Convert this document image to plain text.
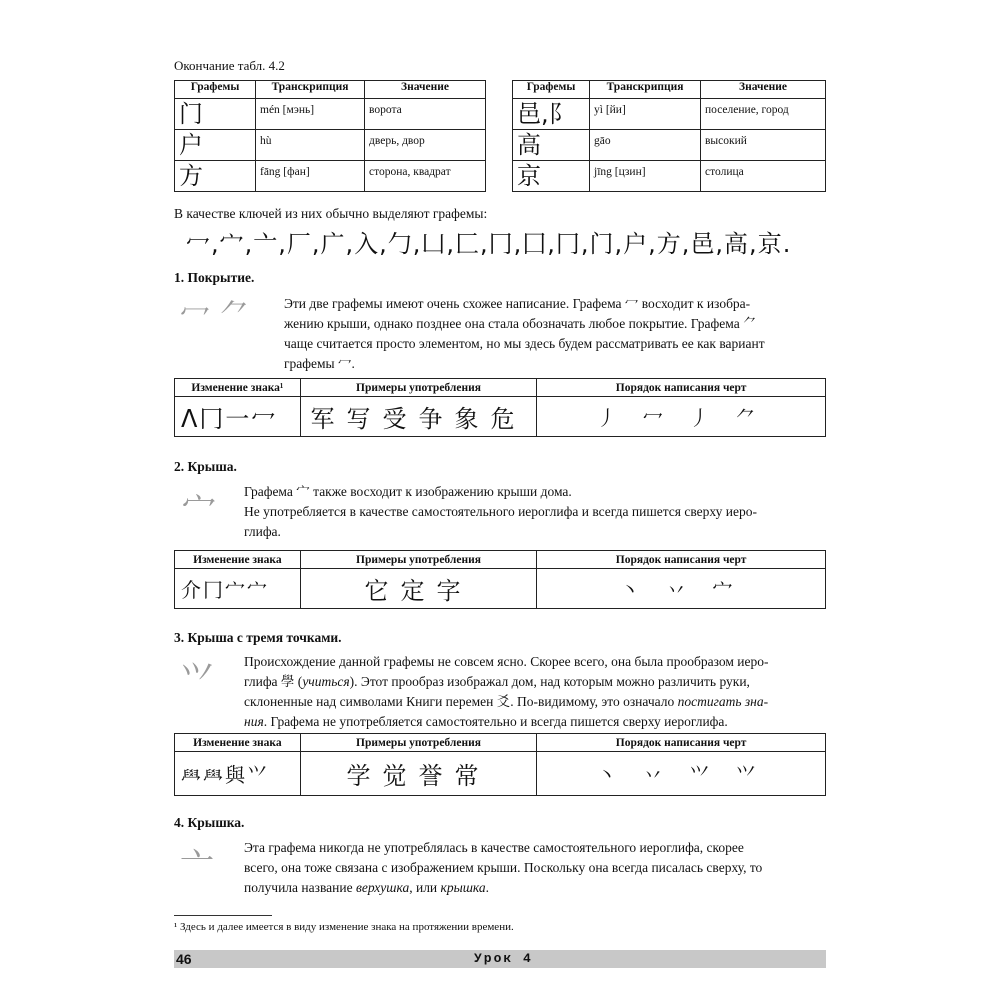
Окончание табл. 4.2
Графемы	Транскрипция	Значение
门	mén [мэнь]	ворота
户	hù	дверь, двор
方	fāng [фан]	сторона, квадрат
Графемы	Транскрипция	Значение
邑,阝	yì [йи]	поселение, город
高	gāo	высокий
京	jīng [цзин]	столица
В качестве ключей из них обычно выделяют графемы:
冖,宀,亠,厂,广,入,勹,凵,匚,冂,囗,冂,门,户,方,邑,高,京.
1. Покрытие.
冖 ⺈	Эти две графемы имеют очень схожее написание. Графема 冖 восходит к изобра-
жению крыши, однако позднее она стала обозначать любое покрытие. Графема ⺈
чаще считается просто элементом, но мы здесь будем рассматривать ее как вариант
графемы 冖.
Изменение знака¹	Примеры употребления	Порядок написания черт
ᐱ冂一冖	军写受争象危	丿 冖 丿 ⺈
2. Крыша.
宀 Графема 宀 также восходит к изображению крыши дома.
Не употребляется в качестве самостоятельного иероглифа и всегда пишется сверху иеро-
глифа.
Изменение знака	Примеры употребления	Порядок написания черт
介冂宀宀	它定字	丶 丷 宀
3. Крыша с тремя точками.
⺍ Происхождение данной графемы не совсем ясно. Скорее всего, она была прообразом иеро-
глифа 學 (учиться). Этот прообраз изображал дом, над которым можно различить руки,
склоненные над символами Книги перемен 爻. По-видимому, это означало постигать зна-
ния. Графема не употребляется самостоятельно и всегда пишется сверху иероглифа.
Изменение знака	Примеры употребления	Порядок написания черт
𦥯𦥯與⺍	学觉誉常	丶 丷 ⺍ ⺍
4. Крышка.
亠 Эта графема никогда не употреблялась в качестве самостоятельного иероглифа, скорее
всего, она тоже связана с изображением крыши. Поскольку она всегда писалась сверху, то
получила название верхушка, или крышка.
¹ Здесь и далее имеется в виду изменение знака на протяжении времени.
46	Урок 4
